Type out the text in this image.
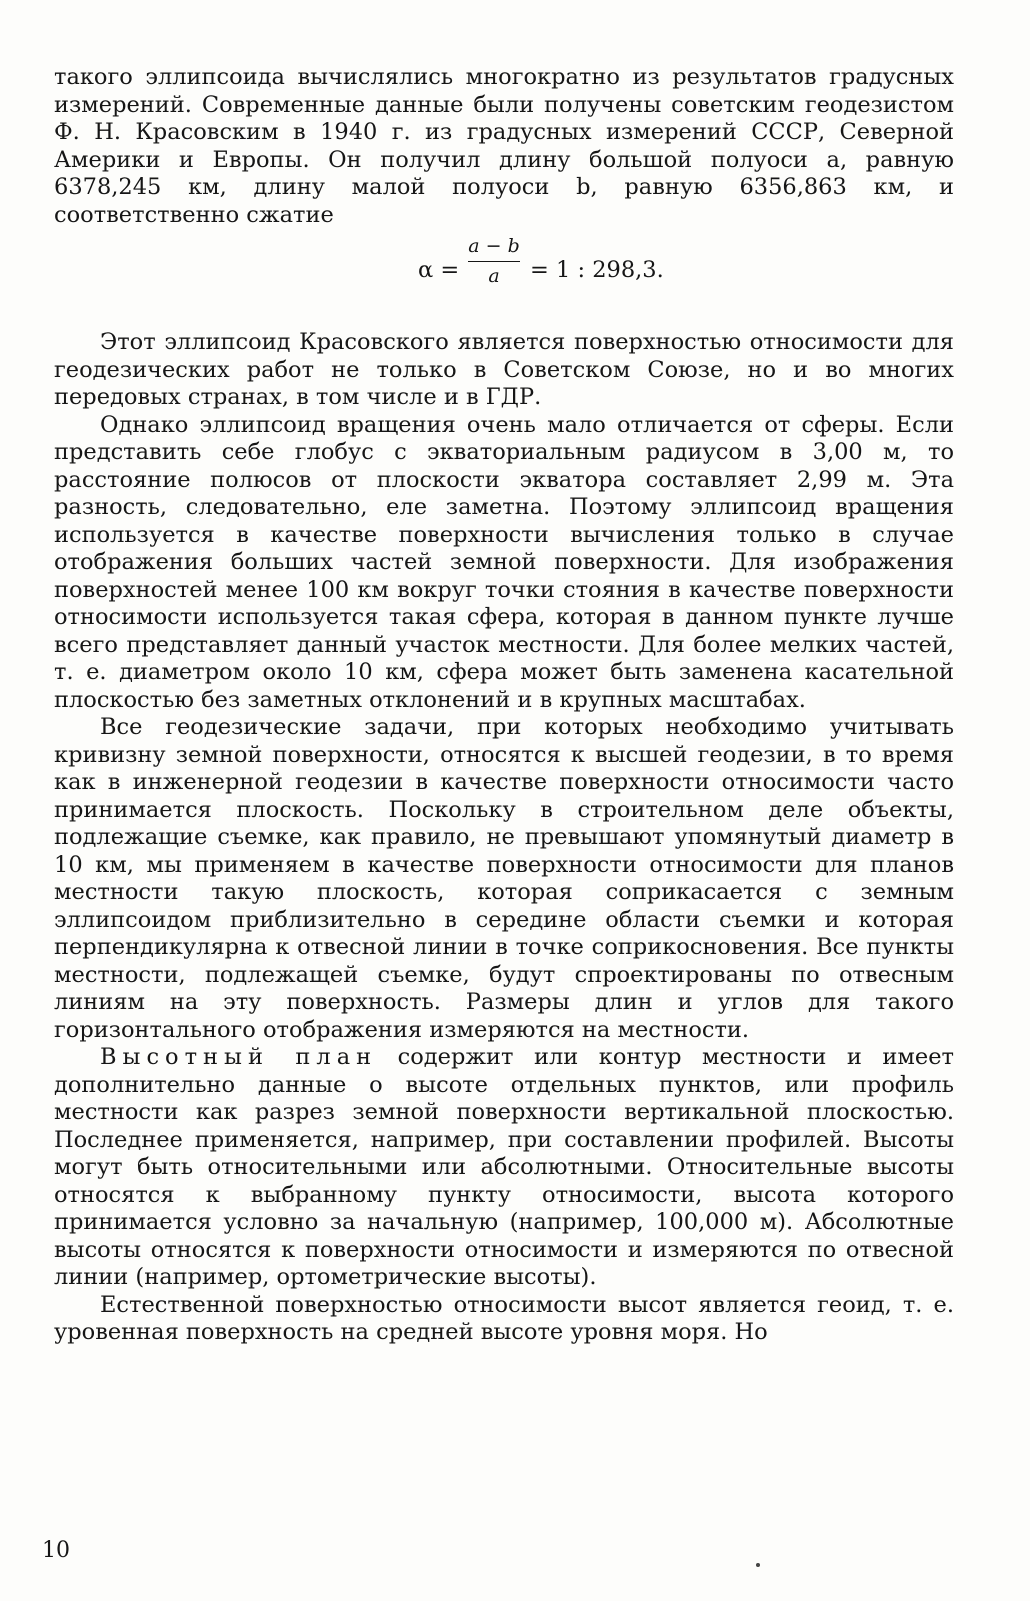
такого эллипсоида вычислялись многократно из результатов градусных измерений. Современные данные были получены советским геодезистом Ф. Н. Красовским в 1940 г. из градусных измерений СССР, Северной Америки и Европы. Он получил длину большой полуоси a, равную 6378,245 км, длину малой полуоси b, равную 6356,863 км, и соответственно сжатие

α =
a − b
a	= 1 : 298,3.

Этот эллипсоид Красовского является поверхностью относимости для геодезических работ не только в Советском Союзе, но и во многих передовых странах, в том числе и в ГДР.

Однако эллипсоид вращения очень мало отличается от сферы. Если представить себе глобус с экваториальным радиусом в 3,00 м, то расстояние полюсов от плоскости экватора составляет 2,99 м. Эта разность, следовательно, еле заметна. Поэтому эллипсоид вращения используется в качестве поверхности вычисления только в случае отображения больших частей земной поверхности. Для изображения поверхностей менее 100 км вокруг точки стояния в качестве поверхности относимости используется такая сфера, которая в данном пункте лучше всего представляет данный участок местности. Для более мелких частей, т. е. диаметром около 10 км, сфера может быть заменена касательной плоскостью без заметных отклонений и в крупных масштабах.

Все геодезические задачи, при которых необходимо учитывать кривизну земной поверхности, относятся к высшей геодезии, в то время как в инженерной геодезии в качестве поверхности относимости часто принимается плоскость. Поскольку в строительном деле объекты, подлежащие съемке, как правило, не превышают упомянутый диаметр в 10 км, мы применяем в качестве поверхности относимости для планов местности такую плоскость, которая соприкасается с земным эллипсоидом приблизительно в середине области съемки и которая перпендикулярна к отвесной линии в точке соприкосновения. Все пункты местности, подлежащей съемке, будут спроектированы по отвесным линиям на эту поверхность. Размеры длин и углов для такого горизонтального отображения измеряются на местности.

Высотный план содержит или контур местности и имеет дополнительно данные о высоте отдельных пунктов, или профиль местности как разрез земной поверхности вертикальной плоскостью. Последнее применяется, например, при составлении профилей. Высоты могут быть относительными или абсолютными. Относительные высоты относятся к выбранному пункту относимости, высота которого принимается условно за начальную (например, 100,000 м). Абсолютные высоты относятся к поверхности относимости и измеряются по отвесной линии (например, ортометрические высоты).

Естественной поверхностью относимости высот является геоид, т. е. уровенная поверхность на средней высоте уровня моря. Но

10
